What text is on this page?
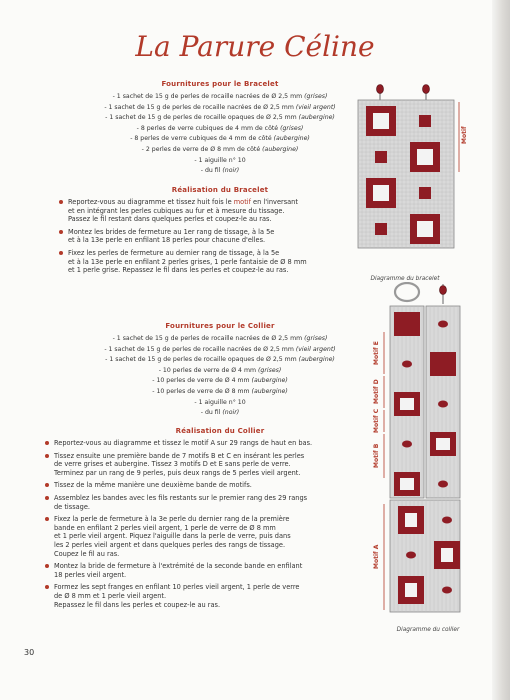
La Parure Céline
Fournitures pour le Bracelet
- 1 sachet de 15 g de perles de rocaille nacrées de Ø 2,5 mm (grises)
- 1 sachet de 15 g de perles de rocaille nacrées de Ø 2,5 mm (vieil argent)
- 1 sachet de 15 g de perles de rocaille opaques de Ø 2,5 mm (aubergine)
- 8 perles de verre cubiques de 4 mm de côté (grises)
- 8 perles de verre cubiques de 4 mm de côté (aubergine)
- 2 perles de verre de Ø 8 mm de côté (aubergine)
- 1 aiguille n° 10
- du fil (noir)
Réalisation du Bracelet
Reportez-vous au diagramme et tissez huit fois le motif en l'inversant
et en intégrant les perles cubiques au fur et à mesure du tissage.
Passez le fil restant dans quelques perles et coupez-le au ras.
Montez les brides de fermeture au 1er rang de tissage, à la 5e
et à la 13e perle en enfilant 18 perles pour chacune d'elles.
Fixez les perles de fermeture au dernier rang de tissage, à la 5e
et à la 13e perle en enfilant 2 perles grises, 1 perle fantaisie de Ø 8 mm
et 1 perle grise. Repassez le fil dans les perles et coupez-le au ras.
Motif
Diagramme du bracelet
Fournitures pour le Collier
- 1 sachet de 15 g de perles de rocaille nacrées de Ø 2,5 mm (grises)
- 1 sachet de 15 g de perles de rocaille nacrées de Ø 2,5 mm (vieil argent)
- 1 sachet de 15 g de perles de rocaille opaques de Ø 2,5 mm (aubergine)
- 10 perles de verre de Ø 4 mm (grises)
- 10 perles de verre de Ø 4 mm (aubergine)
- 10 perles de verre de Ø 8 mm (aubergine)
- 1 aiguille n° 10
- du fil (noir)
Réalisation du Collier
Reportez-vous au diagramme et tissez le motif A sur 29 rangs de haut en bas.
Tissez ensuite une première bande de 7 motifs B et C en insérant les perles
de verre grises et aubergine. Tissez 3 motifs D et E sans perle de verre.
Terminez par un rang de 9 perles, puis deux rangs de 5 perles vieil argent.
Tissez de la même manière une deuxième bande de motifs.
Assemblez les bandes avec les fils restants sur le premier rang des 29 rangs
de tissage.
Fixez la perle de fermeture à la 3e perle du dernier rang de la première
bande en enfilant 2 perles vieil argent, 1 perle de verre de Ø 8 mm
et 1 perle vieil argent. Piquez l'aiguille dans la perle de verre, puis dans
les 2 perles vieil argent et dans quelques perles des rangs de tissage.
Coupez le fil au ras.
Montez la bride de fermeture à l'extrémité de la seconde bande en enfilant
18 perles vieil argent.
Formez les sept franges en enfilant 10 perles vieil argent, 1 perle de verre
de Ø 8 mm et 1 perle vieil argent.
Repassez le fil dans les perles et coupez-le au ras.
Motif E
Motif D
Motif C
Motif B
Motif A
Diagramme du collier
30
